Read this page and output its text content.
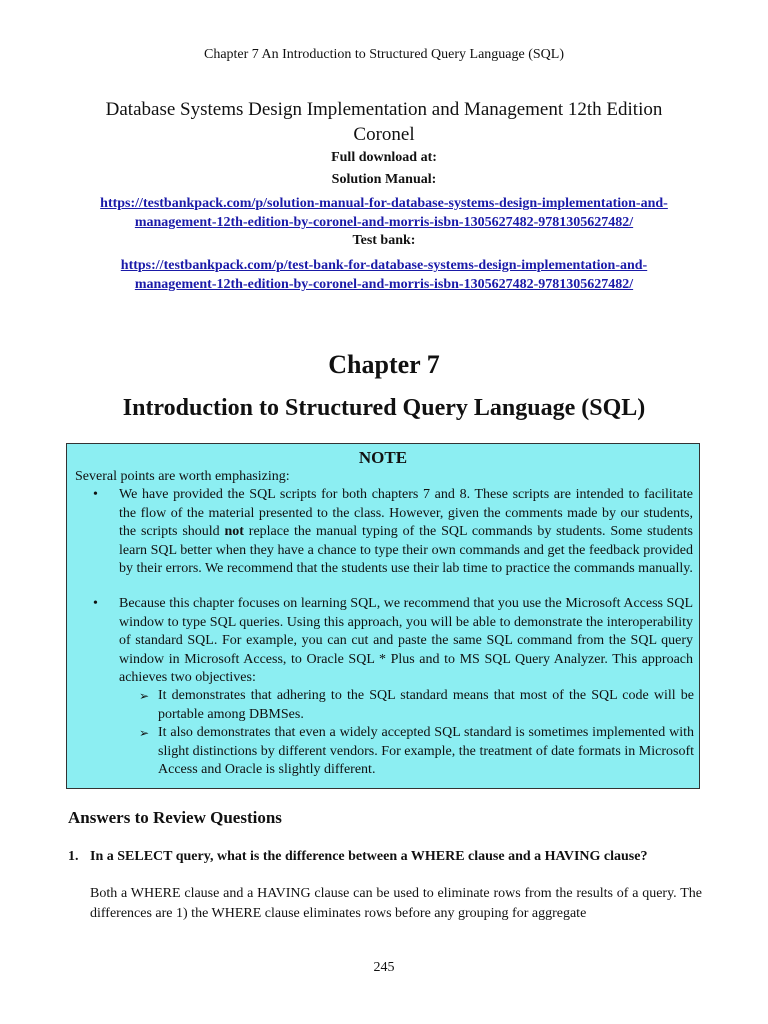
Chapter 7 An Introduction to Structured Query Language (SQL)
Database Systems Design Implementation and Management 12th Edition
Coronel
Full download at:
Solution Manual:
https://testbankpack.com/p/solution-manual-for-database-systems-design-implementation-and-
management-12th-edition-by-coronel-and-morris-isbn-1305627482-9781305627482/
Test bank:
https://testbankpack.com/p/test-bank-for-database-systems-design-implementation-and-
management-12th-edition-by-coronel-and-morris-isbn-1305627482-9781305627482/
Chapter 7
Introduction to Structured Query Language (SQL)
NOTE
Several points are worth emphasizing:
• We have provided the SQL scripts for both chapters 7 and 8. These scripts are intended to facilitate the flow of the material presented to the class. However, given the comments made by our students, the scripts should not replace the manual typing of the SQL commands by students. Some students learn SQL better when they have a chance to type their own commands and get the feedback provided by their errors. We recommend that the students use their lab time to practice the commands manually.
• Because this chapter focuses on learning SQL, we recommend that you use the Microsoft Access SQL window to type SQL queries. Using this approach, you will be able to demonstrate the interoperability of standard SQL. For example, you can cut and paste the same SQL command from the SQL query window in Microsoft Access, to Oracle SQL * Plus and to MS SQL Query Analyzer. This approach achieves two objectives:
➢ It demonstrates that adhering to the SQL standard means that most of the SQL code will be portable among DBMSes.
➢ It also demonstrates that even a widely accepted SQL standard is sometimes implemented with slight distinctions by different vendors. For example, the treatment of date formats in Microsoft Access and Oracle is slightly different.
Answers to Review Questions
1. In a SELECT query, what is the difference between a WHERE clause and a HAVING clause?
Both a WHERE clause and a HAVING clause can be used to eliminate rows from the results of a query. The differences are 1) the WHERE clause eliminates rows before any grouping for aggregate
245
